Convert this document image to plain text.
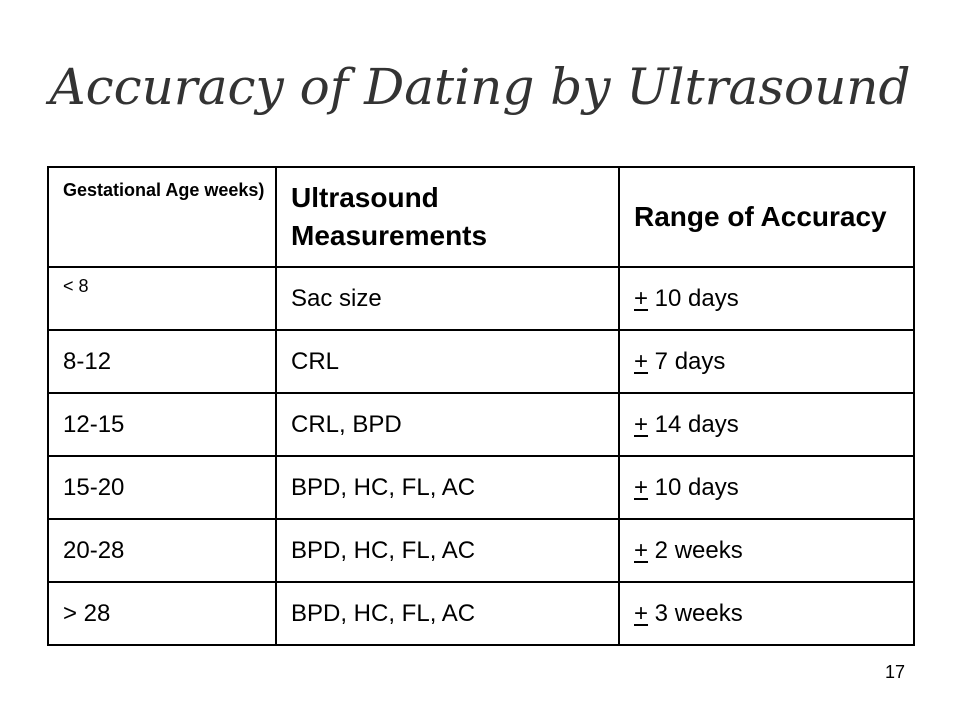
Accuracy of Dating by Ultrasound
Gestational Age weeks)	Ultrasound Measurements	Range of Accuracy
< 8	Sac size	+ 10 days
8-12	CRL	+ 7 days
12-15	CRL, BPD	+ 14 days
15-20	BPD, HC, FL, AC	+ 10 days
20-28	BPD, HC, FL, AC	+ 2 weeks
> 28	BPD, HC, FL, AC	+ 3 weeks
17
